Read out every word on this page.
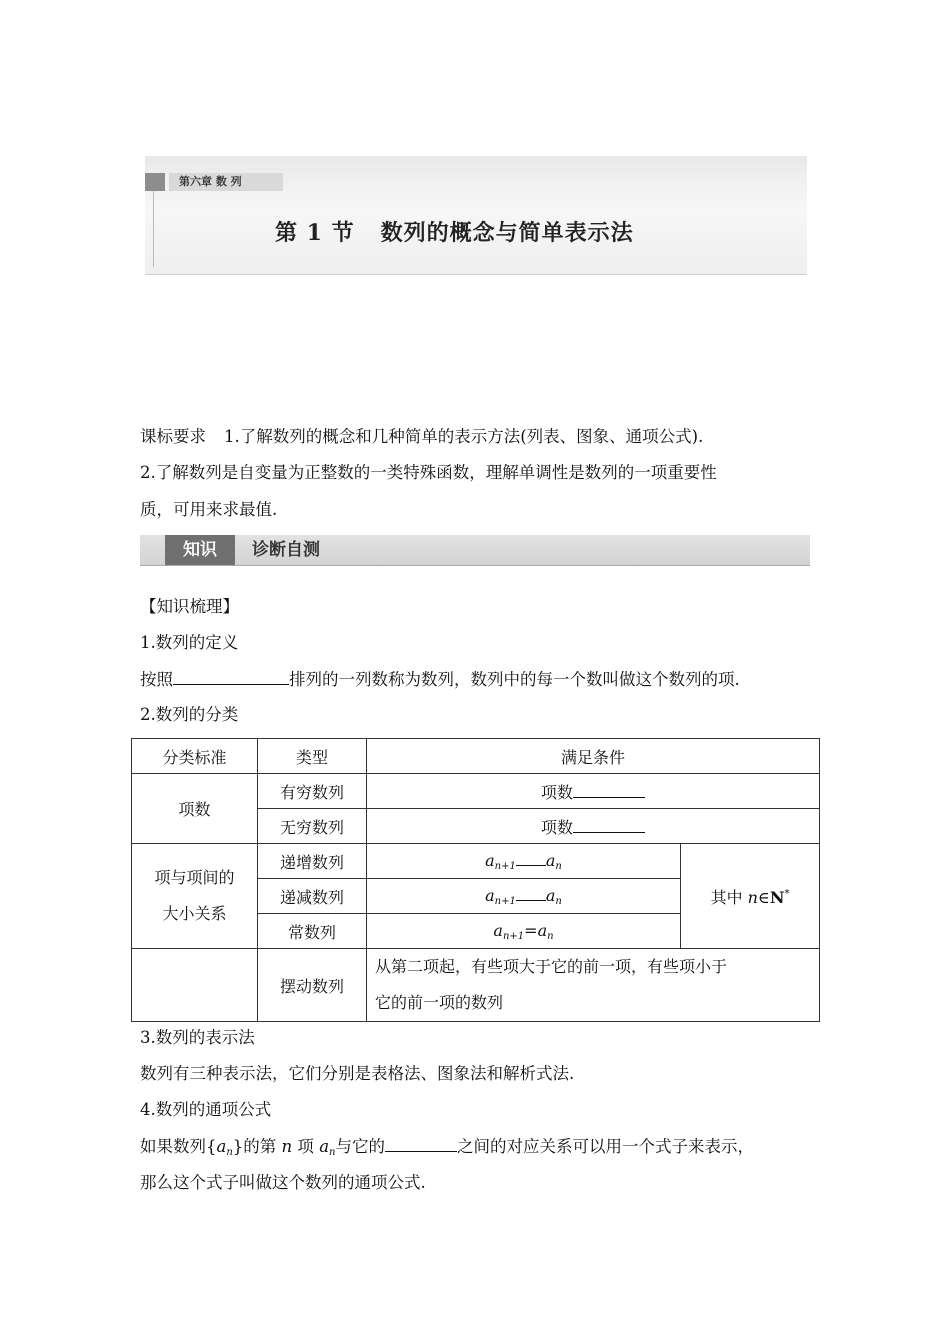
第六章 数 列
第 1 节 数列的概念与简单表示法
课标要求 1.了解数列的概念和几种简单的表示方法(列表、图象、通项公式).
2.了解数列是自变量为正整数的一类特殊函数，理解单调性是数列的一项重要性
质，可用来求最值.
知识	诊断自测
【知识梳理】
1.数列的定义
按照	排列的一列数称为数列，数列中的每一个数叫做这个数列的项.
2.数列的分类
分类标准	类型	满足条件	
项数	有穷数列	项数	
	无穷数列	项数	

项与项间的
大小关系	递增数列	$a_{n+1}$ $a_n$	其中 n∈N*
	递减数列	$a_{n+1}$ $a_n$
	常数列	$a_{n+1}=a_n$
	摆动数列	从第二项起，有些项大于它的前一项，有些项小于
它的前一项的数列	
3.数列的表示法
数列有三种表示法，它们分别是表格法、图象法和解析式法.
4.数列的通项公式
如果数列$\{a_n\}$的第 n 项 $a_n$与它的	之间的对应关系可以用一个式子来表示，
那么这个式子叫做这个数列的通项公式.
